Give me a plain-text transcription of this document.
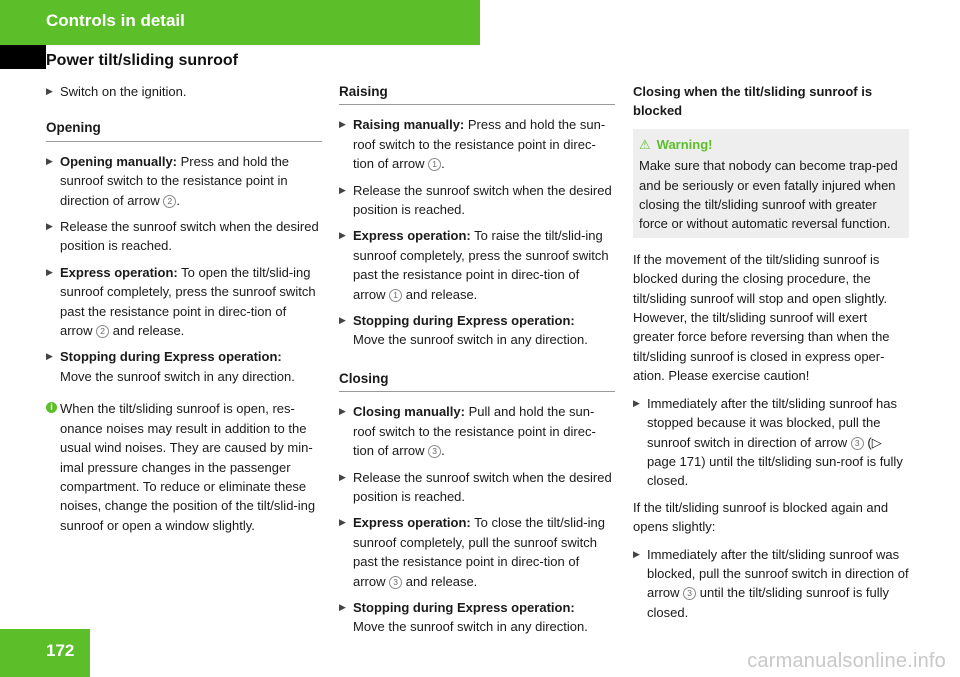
Controls in detail
Power tilt/sliding sunroof
▶ Switch on the ignition.
Opening
▶ Opening manually: Press and hold the sunroof switch to the resistance point in direction of arrow 2 .
▶ Release the sunroof switch when the desired position is reached.
▶ Express operation: To open the tilt/slid-ing sunroof completely, press the sunroof switch past the resistance point in direc-tion of arrow 2 and release.
▶ Stopping during Express operation:
Move the sunroof switch in any direction.
i When the tilt/sliding sunroof is open, res-onance noises may result in addition to the usual wind noises. They are caused by min-imal pressure changes in the passenger compartment. To reduce or eliminate these noises, change the position of the tilt/slid-ing sunroof or open a window slightly.
Raising
▶ Raising manually: Press and hold the sun-roof switch to the resistance point in direc-tion of arrow 1 .
▶ Release the sunroof switch when the desired position is reached.
▶ Express operation: To raise the tilt/slid-ing sunroof completely, press the sunroof switch past the resistance point in direc-tion of arrow 1 and release.
▶ Stopping during Express operation:
Move the sunroof switch in any direction.
Closing
▶ Closing manually: Pull and hold the sun-roof switch to the resistance point in direc-tion of arrow 3 .
▶ Release the sunroof switch when the desired position is reached.
▶ Express operation: To close the tilt/slid-ing sunroof completely, pull the sunroof switch past the resistance point in direc-tion of arrow 3 and release.
▶ Stopping during Express operation:
Move the sunroof switch in any direction.
Closing when the tilt/sliding sunroof is blocked
⚠ Warning!
Make sure that nobody can become trap-ped and be seriously or even fatally injured when closing the tilt/sliding sunroof with greater force or without automatic reversal function.
If the movement of the tilt/sliding sunroof is blocked during the closing procedure, the tilt/sliding sunroof will stop and open slightly. However, the tilt/sliding sunroof will exert greater force before reversing than when the tilt/sliding sunroof is closed in express oper-ation. Please exercise caution!
▶ Immediately after the tilt/sliding sunroof has stopped because it was blocked, pull the sunroof switch in direction of arrow 3 (▷ page 171) until the tilt/sliding sun-roof is fully closed.
If the tilt/sliding sunroof is blocked again and opens slightly:
▶ Immediately after the tilt/sliding sunroof was blocked, pull the sunroof switch in direction of arrow 3 until the tilt/sliding sunroof is fully closed.
172	carmanualsonline.info
